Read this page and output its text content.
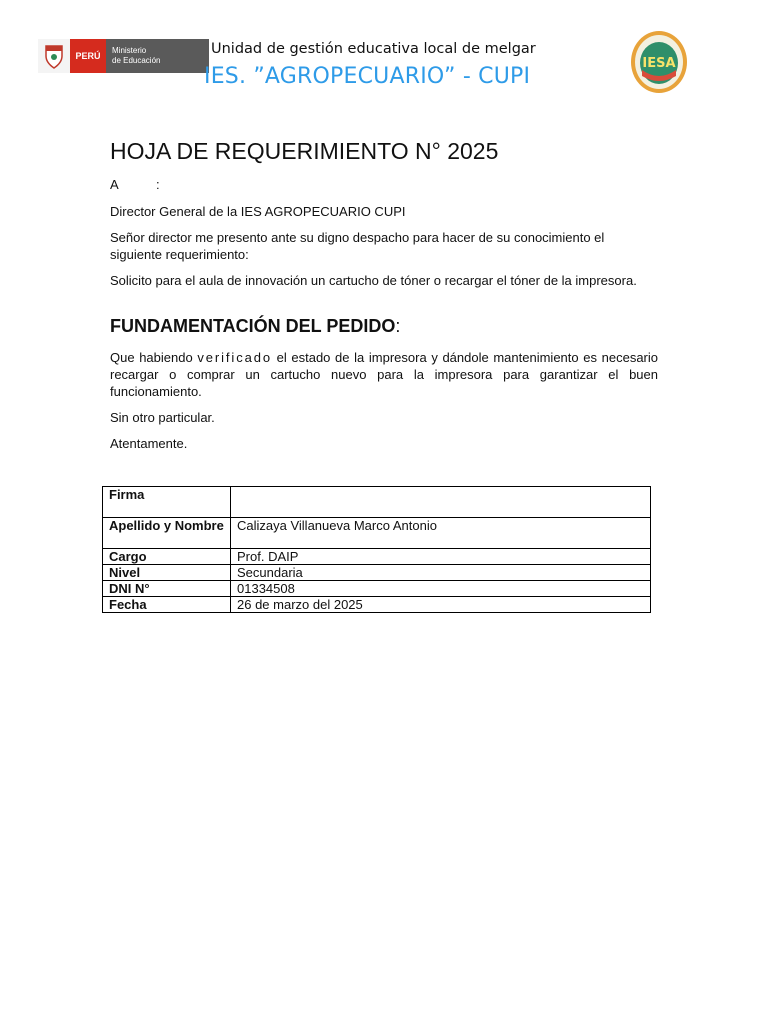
PERÚ
Ministerio
de Educación
Unidad de gestión educativa local de melgar
IES. ”AGROPECUARIO” - CUPI
IESA
HOJA DE REQUERIMIENTO N° 2025
A	:

Director General de la IES AGROPECUARIO CUPI

Señor director me presento ante su digno despacho para hacer de su conocimiento el siguiente requerimiento:

Solicito para el aula de innovación un cartucho de tóner o recargar el tóner de la impresora.

FUNDAMENTACIÓN DEL PEDIDO:

Que habiendo verificado el estado de la impresora y dándole mantenimiento es necesario recargar o comprar un cartucho nuevo para la impresora para garantizar el buen funcionamiento.

Sin otro particular.

Atentamente.

Firma	
Apellido y Nombre	Calizaya Villanueva Marco Antonio
Cargo	Prof. DAIP
Nivel	Secundaria
DNI N°	01334508
Fecha	26 de marzo del 2025
